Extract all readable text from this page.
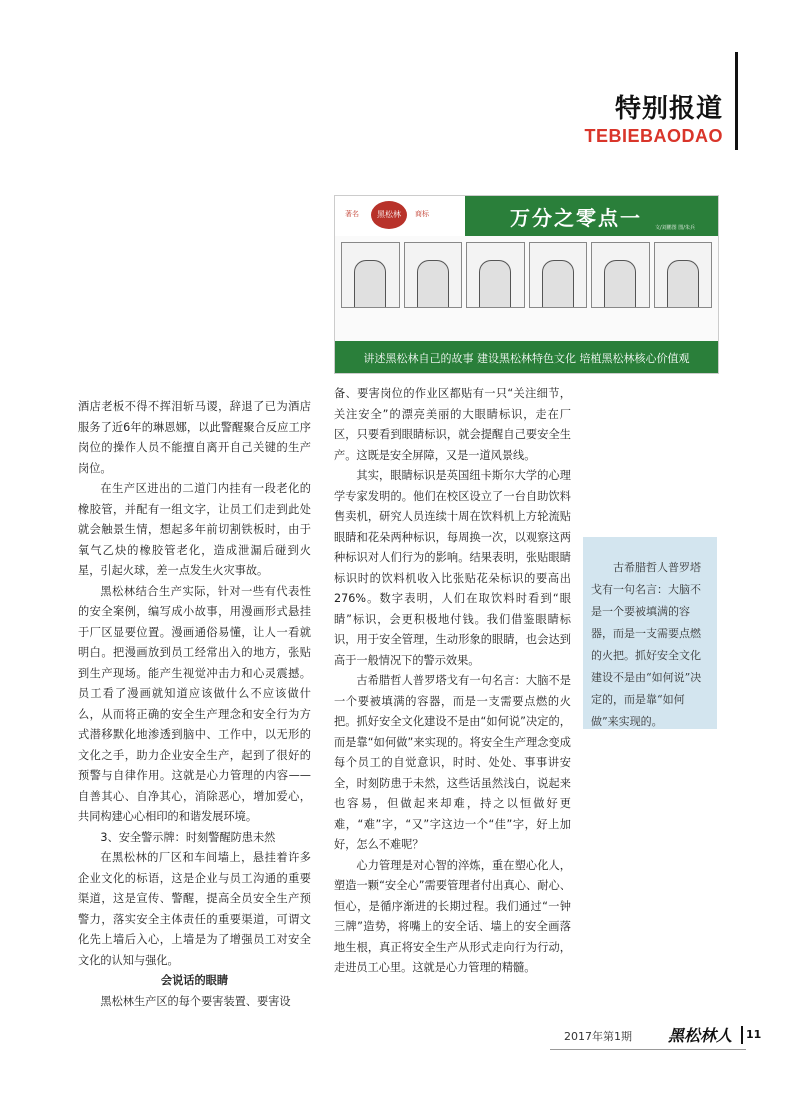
特别报道
TEBIEBAODAO
著名	黑松林	商标	万分之零点一	文/刘鹏图 图/朱兵
讲述黑松林自己的故事 建设黑松林特色文化 培植黑松林核心价值观

酒店老板不得不挥泪斩马谡，辞退了已为酒店服务了近6年的琳恩娜，以此警醒聚合反应工序岗位的操作人员不能擅自离开自己关键的生产岗位。

在生产区进出的二道门内挂有一段老化的橡胶管，并配有一组文字，让员工们走到此处就会触景生情，想起多年前切割铁板时，由于氧气乙炔的橡胶管老化，造成泄漏后碰到火星，引起火球，差一点发生火灾事故。

黑松林结合生产实际，针对一些有代表性的安全案例，编写成小故事，用漫画形式悬挂于厂区显要位置。漫画通俗易懂，让人一看就明白。把漫画放到员工经常出入的地方，张贴到生产现场。能产生视觉冲击力和心灵震撼。员工看了漫画就知道应该做什么不应该做什么，从而将正确的安全生产理念和安全行为方式潜移默化地渗透到脑中、工作中，以无形的文化之手，助力企业安全生产，起到了很好的预警与自律作用。这就是心力管理的内容——自善其心、自净其心，消除恶心，增加爱心，共同构建心心相印的和谐发展环境。

3、安全警示牌：时刻警醒防患未然

在黑松林的厂区和车间墙上，悬挂着许多企业文化的标语，这是企业与员工沟通的重要渠道，这是宣传、警醒，提高全员安全生产预警力，落实安全主体责任的重要渠道，可谓文化先上墙后入心，上墙是为了增强员工对安全文化的认知与强化。

会说话的眼睛

黑松林生产区的每个要害装置、要害设

备、要害岗位的作业区都贴有一只“关注细节，关注安全”的漂亮美丽的大眼睛标识，走在厂区，只要看到眼睛标识，就会提醒自己要安全生产。这既是安全屏障，又是一道风景线。

其实，眼睛标识是英国纽卡斯尔大学的心理学专家发明的。他们在校区设立了一台自助饮料售卖机，研究人员连续十周在饮料机上方轮流贴眼睛和花朵两种标识，每周换一次，以观察这两种标识对人们行为的影响。结果表明，张贴眼睛标识时的饮料机收入比张贴花朵标识的要高出276%。数字表明，人们在取饮料时看到“眼睛”标识，会更积极地付钱。我们借鉴眼睛标识，用于安全管理，生动形象的眼睛，也会达到高于一般情况下的警示效果。

古希腊哲人普罗塔戈有一句名言：大脑不是一个要被填满的容器，而是一支需要点燃的火把。抓好安全文化建设不是由“如何说”决定的，而是靠“如何做”来实现的。将安全生产理念变成每个员工的自觉意识，时时、处处、事事讲安全，时刻防患于未然，这些话虽然浅白，说起来也容易，但做起来却难，持之以恒做好更难，“难”字，“又”字这边一个“佳”字，好上加好，怎么不难呢？

心力管理是对心智的淬炼，重在塑心化人，塑造一颗“安全心”需要管理者付出真心、耐心、恒心，是循序渐进的长期过程。我们通过“一钟三牌”造势，将嘴上的安全话、墙上的安全画落地生根，真正将安全生产从形式走向行为行动，走进员工心里。这就是心力管理的精髓。

古希腊哲人普罗塔戈有一句名言：大脑不是一个要被填满的容器，而是一支需要点燃的火把。抓好安全文化建设不是由“如何说”决定的，而是靠“如何做”来实现的。
2017年第1期 黑松林人 11
